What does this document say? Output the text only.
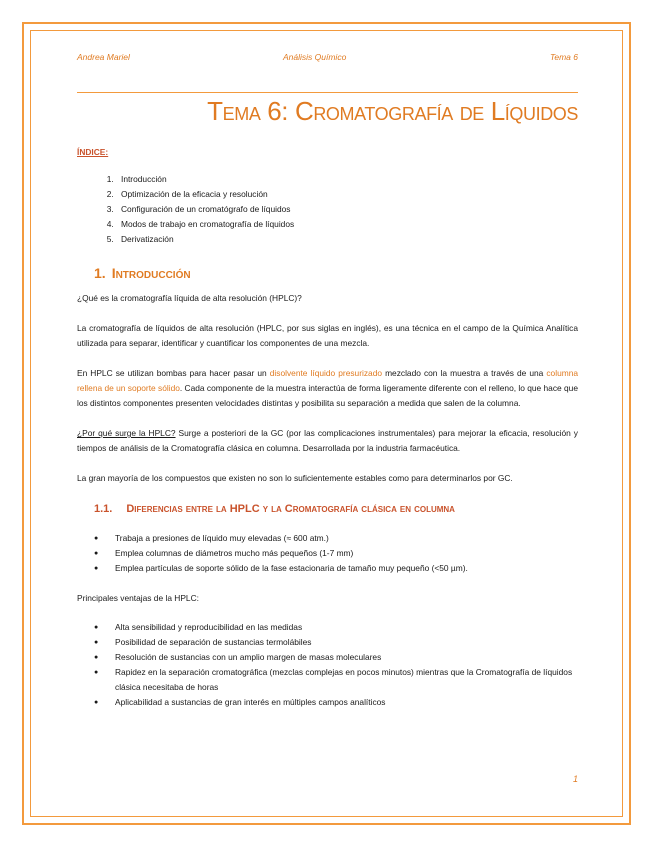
Andrea Mariel	Análisis Químico	Tema 6
Tema 6: Cromatografía de Líquidos
ÍNDICE:
1. Introducción
2. Optimización de la eficacia y resolución
3. Configuración de un cromatógrafo de líquidos
4. Modos de trabajo en cromatografía de líquidos
5. Derivatización
1. Introducción

¿Qué es la cromatografía líquida de alta resolución (HPLC)?

La cromatografía de líquidos de alta resolución (HPLC, por sus siglas en inglés), es una técnica en el campo de la Química Analítica utilizada para separar, identificar y cuantificar los componentes de una mezcla.

En HPLC se utilizan bombas para hacer pasar un disolvente líquido presurizado mezclado con la muestra a través de una columna rellena de un soporte sólido. Cada componente de la muestra interactúa de forma ligeramente diferente con el relleno, lo que hace que los distintos componentes presenten velocidades distintas y posibilita su separación a medida que salen de la columna.

¿Por qué surge la HPLC? Surge a posteriori de la GC (por las complicaciones instrumentales) para mejorar la eficacia, resolución y tiempos de análisis de la Cromatografía clásica en columna. Desarrollada por la industria farmacéutica.

La gran mayoría de los compuestos que existen no son lo suficientemente estables como para determinarlos por GC.

1.1. Diferencias entre la HPLC y la Cromatografía clásica en columna
● Trabaja a presiones de líquido muy elevadas (≈ 600 atm.)
● Emplea columnas de diámetros mucho más pequeños (1-7 mm)
● Emplea partículas de soporte sólido de la fase estacionaria de tamaño muy pequeño (<50 µm).

Principales ventajas de la HPLC:

● Alta sensibilidad y reproducibilidad en las medidas
● Posibilidad de separación de sustancias termolábiles
● Resolución de sustancias con un amplio margen de masas moleculares
● Rapidez en la separación cromatográfica (mezclas complejas en pocos minutos) mientras que la Cromatografía de líquidos clásica necesitaba de horas
● Aplicabilidad a sustancias de gran interés en múltiples campos analíticos
1
